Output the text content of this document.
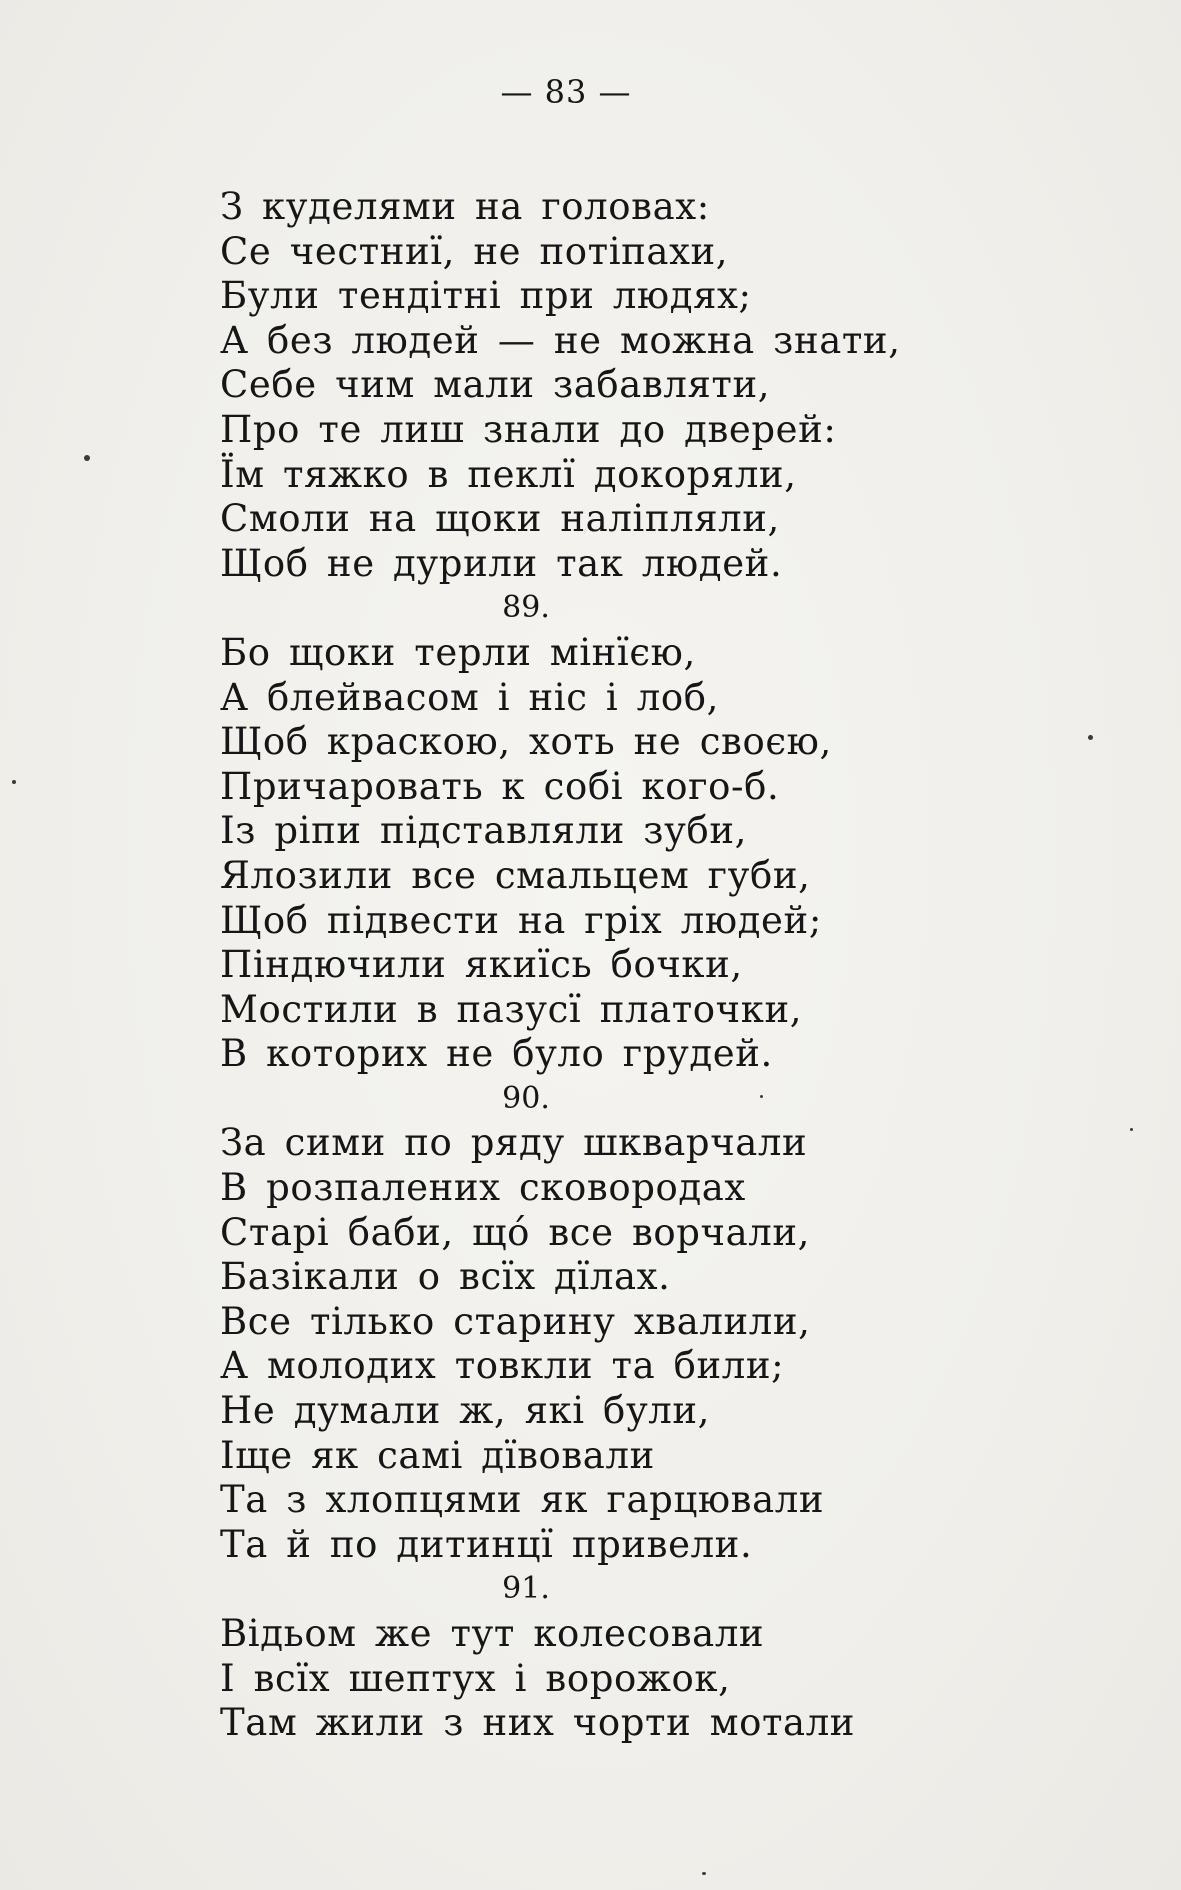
— 83 —
З куделями на головах:
Се честниї, не потіпахи,
Були тендітні при людях;
А без людей — не можна знати,
Себе чим мали забавляти,
Про те лиш знали до дверей:
Їм тяжко в пеклї докоряли,
Смоли на щоки наліпляли,
Щоб не дурили так людей.
89.
Бо щоки терли мінїєю,
А блейвасом і ніс і лоб,
Щоб краскою, хоть не своєю,
Причаровать к собі кого-б.
Із ріпи підставляли зуби,
Ялозили все смальцем губи,
Щоб підвести на гріх людей;
Піндючили якиїсь бочки,
Мостили в пазусї платочки,
В которих не було грудей.
90.
За сими по ряду шкварчали
В розпалених сковородах
Старі баби, що́ все ворчали,
Базікали о всїх дїлах.
Все тілько старину хвалили,
А молодих товкли та били;
Не думали ж, які були,
Іще як самі дївовали
Та з хлопцями як гарцювали
Та й по дитинцї привели.
91.
Відьом же тут колесовали
І всїх шептух і ворожок,
Там жили з них чорти мотали
